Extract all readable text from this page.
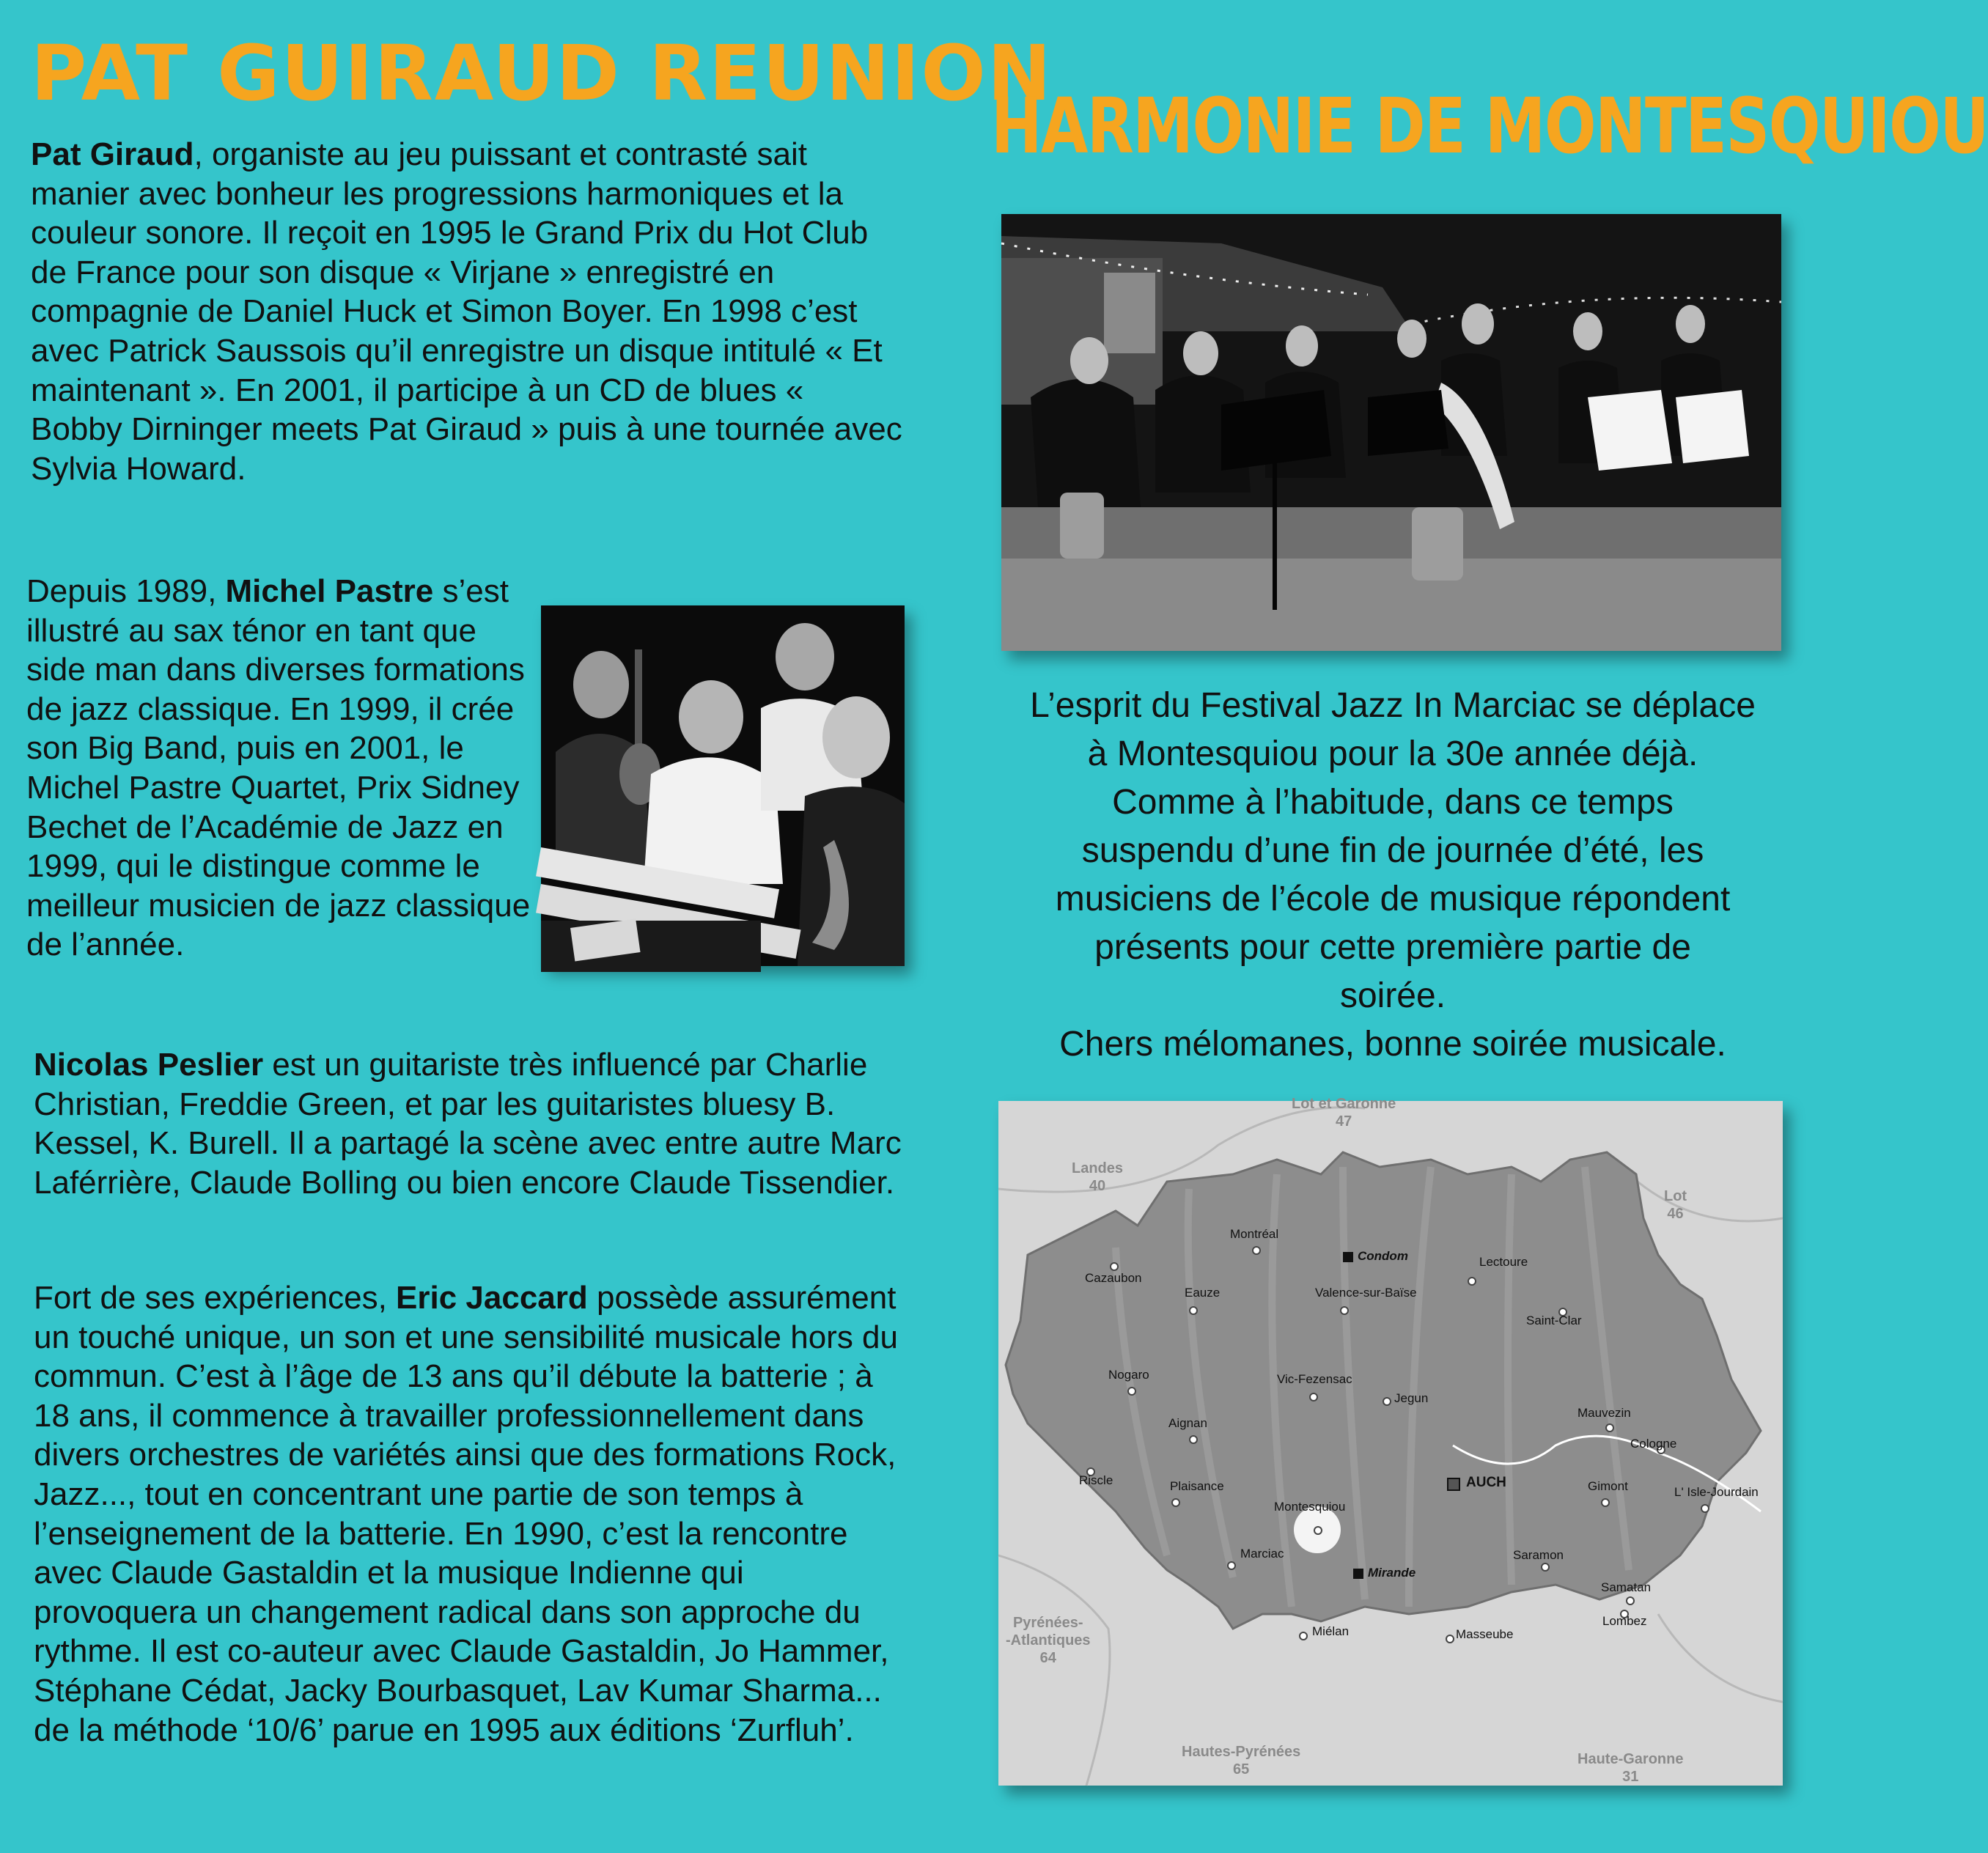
PAT GUIRAUD REUNION
Pat Giraud, organiste au jeu puissant et contrasté sait manier avec bonheur les progressions harmoniques et la couleur sonore. Il reçoit en 1995 le Grand Prix du Hot Club de France pour son disque « Virjane » enregistré en compagnie de Daniel Huck et Simon Boyer. En 1998 c’est avec Patrick Saussois qu’il enregistre un disque intitulé « Et maintenant ». En 2001, il participe à un CD de blues « Bobby Dirninger meets Pat Giraud » puis à une tournée avec Sylvia Howard.
Depuis 1989, Michel Pastre s’est illustré au sax ténor en tant que side man dans diverses formations de jazz classique. En 1999, il crée son Big Band, puis en 2001, le Michel Pastre Quartet, Prix Sidney Bechet de l’Académie de Jazz en 1999, qui le distingue comme le meilleur musicien de jazz classique de l’année.
Nicolas Peslier est un guitariste très influencé par Charlie Christian, Freddie Green, et par les guitaristes bluesy B. Kessel, K. Burell. Il a partagé la scène avec entre autre Marc Laférrière, Claude Bolling ou bien encore Claude Tissendier.
Fort de ses expériences, Eric Jaccard possède assurément un touché unique, un son et une sensibilité musicale hors du commun. C’est à l’âge de 13 ans qu’il débute la batterie ; à 18 ans, il commence à travailler professionnellement dans divers orchestres de variétés ainsi que des formations Rock, Jazz..., tout en concentrant une partie de son temps à l’enseignement de la batterie. En 1990, c’est la rencontre avec Claude Gastaldin et la musique Indienne qui provoquera un changement radical dans son approche du rythme. Il est co-auteur avec Claude Gastaldin, Jo Hammer, Stéphane Cédat, Jacky Bourbasquet, Lav Kumar Sharma... de la méthode ‘10/6’ parue en 1995 aux éditions ‘Zurfluh’.
HARMONIE DE MONTESQUIOU
L’esprit du Festival Jazz In Marciac se déplace
à Montesquiou pour la 30e année déjà.
Comme à l’habitude, dans ce temps
suspendu d’une fin de journée d’été, les
musiciens de l’école de musique répondent
présents pour cette première partie de
soirée.
Chers mélomanes, bonne soirée musicale.
Lot et Garonne
47
Landes
40
Lot
46
Pyrénées-
-Atlantiques
64
Hautes-Pyrénées
65
Haute-Garonne
31
Montréal
Cazaubon
Eauze	Valence-sur-Baïse
Lectoure
Saint-Clar
Nogaro	Vic-Fezensac
Jegun
Aignan
Mauvezin
Cologne
Riscle	Plaisance
Montesquiou
Gimont	L' Isle-Jourdain
Marciac	Saramon
Samatan
Lombez
Miélan	Masseube
Condom
Mirande
AUCH
